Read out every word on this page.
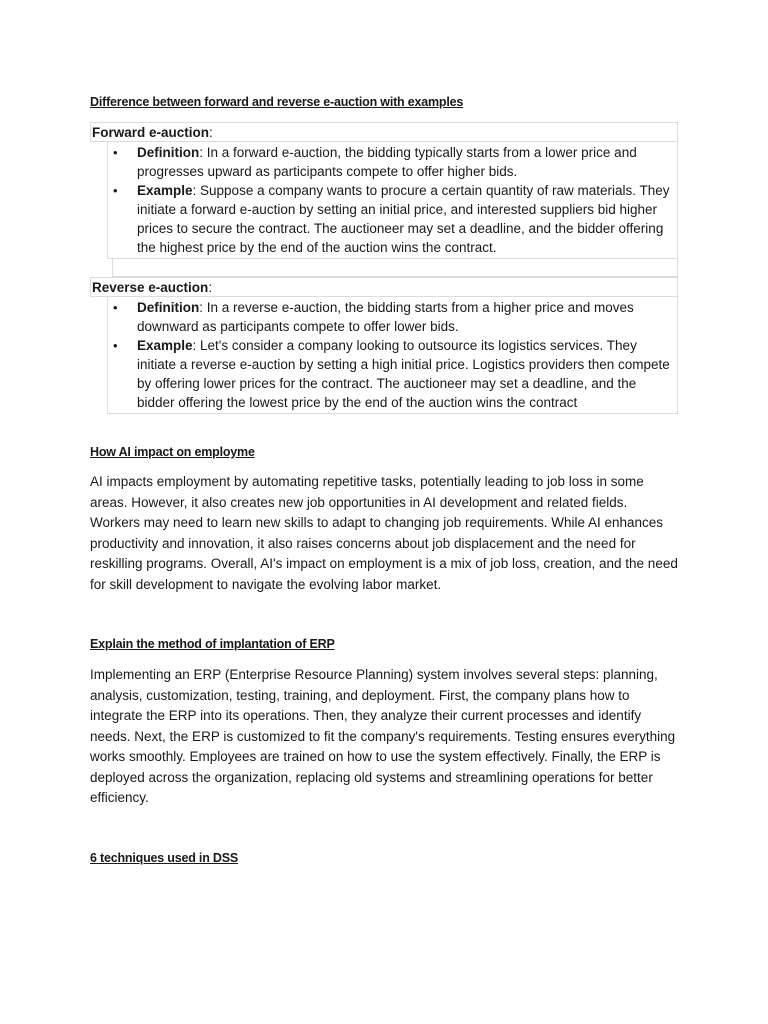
Difference between forward and reverse e-auction with examples
Forward e-auction:
• Definition: In a forward e-auction, the bidding typically starts from a lower price and progresses upward as participants compete to offer higher bids.
• Example: Suppose a company wants to procure a certain quantity of raw materials. They initiate a forward e-auction by setting an initial price, and interested suppliers bid higher prices to secure the contract. The auctioneer may set a deadline, and the bidder offering the highest price by the end of the auction wins the contract.
Reverse e-auction:
• Definition: In a reverse e-auction, the bidding starts from a higher price and moves downward as participants compete to offer lower bids.
• Example: Let's consider a company looking to outsource its logistics services. They initiate a reverse e-auction by setting a high initial price. Logistics providers then compete by offering lower prices for the contract. The auctioneer may set a deadline, and the bidder offering the lowest price by the end of the auction wins the contract
How AI impact on employme
AI impacts employment by automating repetitive tasks, potentially leading to job loss in some areas. However, it also creates new job opportunities in AI development and related fields. Workers may need to learn new skills to adapt to changing job requirements. While AI enhances productivity and innovation, it also raises concerns about job displacement and the need for reskilling programs. Overall, AI's impact on employment is a mix of job loss, creation, and the need for skill development to navigate the evolving labor market.
Explain the method of implantation of ERP
Implementing an ERP (Enterprise Resource Planning) system involves several steps: planning, analysis, customization, testing, training, and deployment. First, the company plans how to integrate the ERP into its operations. Then, they analyze their current processes and identify needs. Next, the ERP is customized to fit the company's requirements. Testing ensures everything works smoothly. Employees are trained on how to use the system effectively. Finally, the ERP is deployed across the organization, replacing old systems and streamlining operations for better efficiency.
6 techniques used in DSS
